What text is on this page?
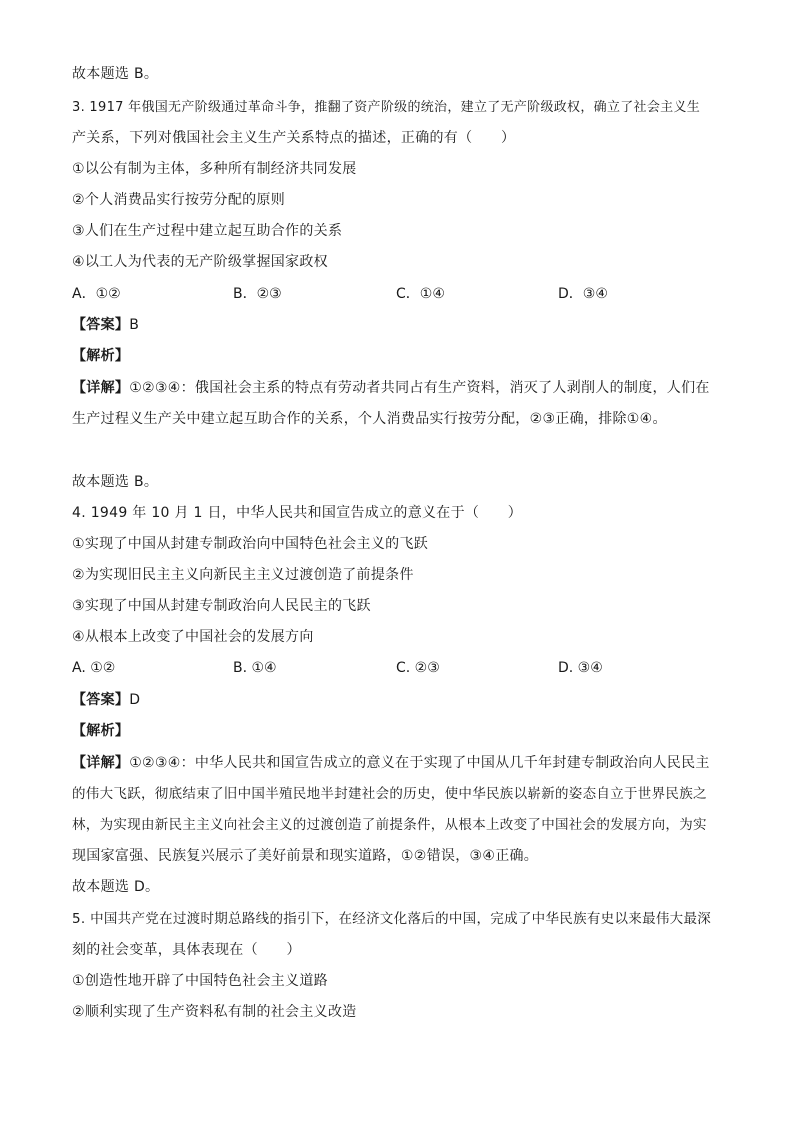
故本题选 B。
3. 1917 年俄国无产阶级通过革命斗争，推翻了资产阶级的统治，建立了无产阶级政权，确立了社会主义生
产关系，下列对俄国社会主义生产关系特点的描述，正确的有（　　）
①以公有制为主体，多种所有制经济共同发展
②个人消费品实行按劳分配的原则
③人们在生产过程中建立起互助合作的关系
④以工人为代表的无产阶级掌握国家政权
A．①②	B．②③	C．①④	D．③④
【答案】B
【解析】
【详解】①②③④：俄国社会主系的特点有劳动者共同占有生产资料，消灭了人剥削人的制度，人们在
生产过程义生产关中建立起互助合作的关系，个人消费品实行按劳分配，②③正确，排除①④。
故本题选 B。
4. 1949 年 10 月 1 日，中华人民共和国宣告成立的意义在于（　　）
①实现了中国从封建专制政治向中国特色社会主义的飞跃
②为实现旧民主主义向新民主主义过渡创造了前提条件
③实现了中国从封建专制政治向人民民主的飞跃
④从根本上改变了中国社会的发展方向
A. ①②	B. ①④	C. ②③	D. ③④
【答案】D
【解析】
【详解】①②③④：中华人民共和国宣告成立的意义在于实现了中国从几千年封建专制政治向人民民主
的伟大飞跃，彻底结束了旧中国半殖民地半封建社会的历史，使中华民族以崭新的姿态自立于世界民族之
林，为实现由新民主主义向社会主义的过渡创造了前提条件，从根本上改变了中国社会的发展方向，为实
现国家富强、民族复兴展示了美好前景和现实道路，①②错误，③④正确。
故本题选 D。
5. 中国共产党在过渡时期总路线的指引下，在经济文化落后的中国，完成了中华民族有史以来最伟大最深
刻的社会变革，具体表现在（　　）
①创造性地开辟了中国特色社会主义道路
②顺利实现了生产资料私有制的社会主义改造
